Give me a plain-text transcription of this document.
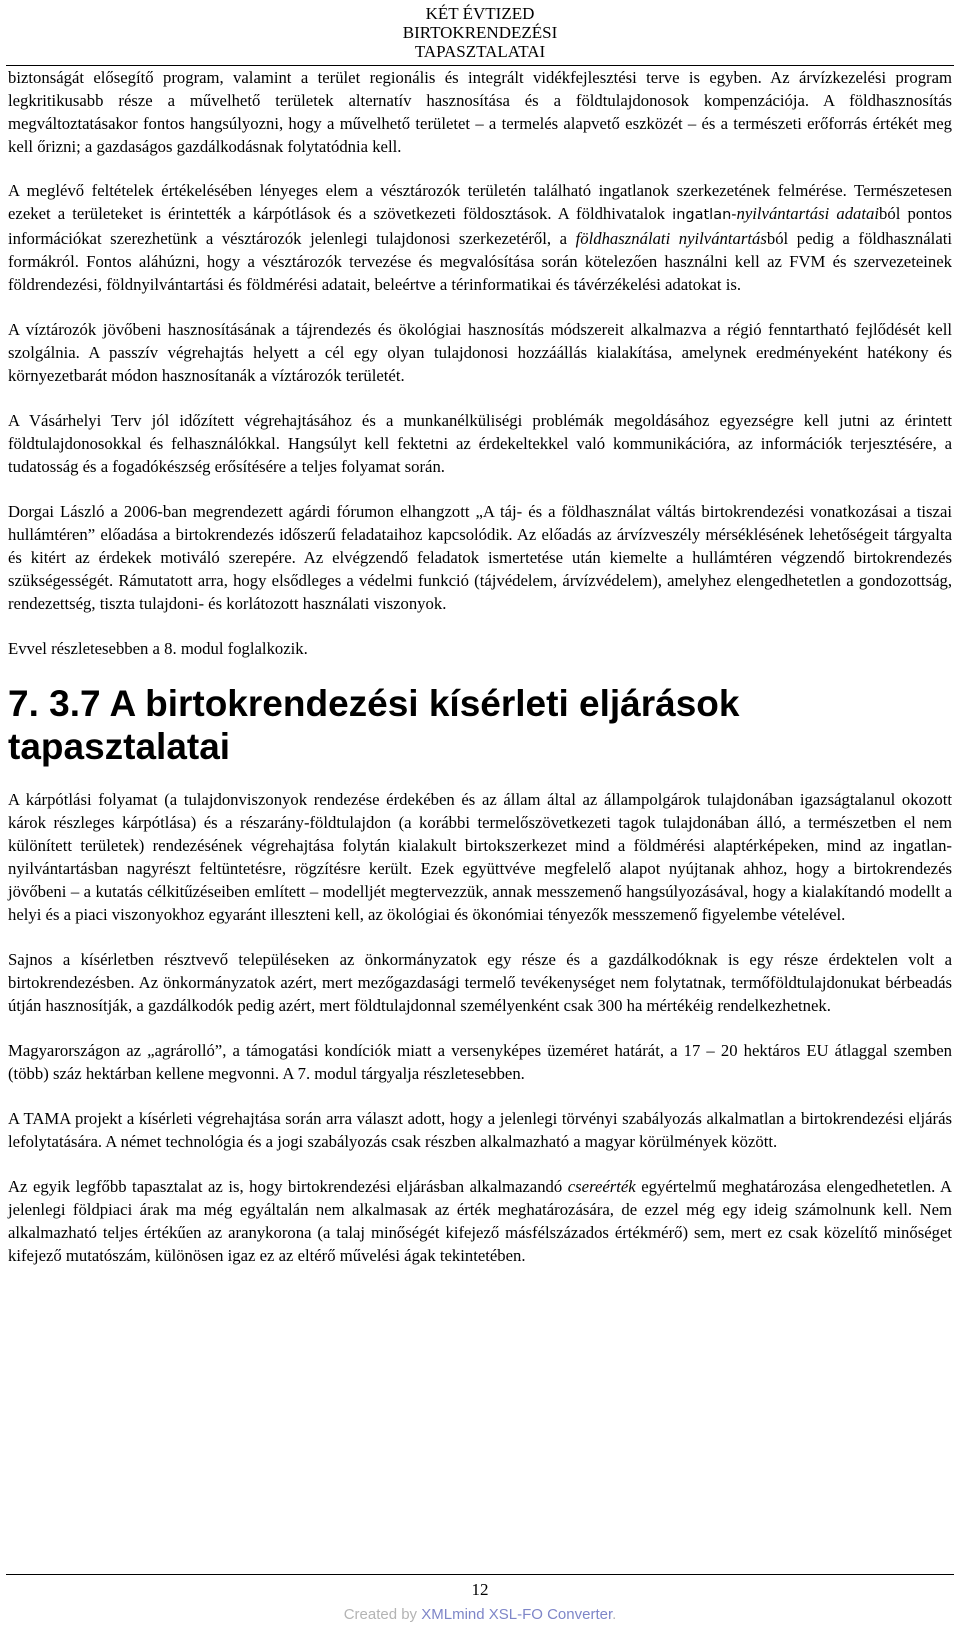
KÉT ÉVTIZED
BIRTOKRENDEZÉSI
TAPASZTALATAI

biztonságát elősegítő program, valamint a terület regionális és integrált vidékfejlesztési terve is egyben. Az árvízkezelési program legkritikusabb része a művelhető területek alternatív hasznosítása és a földtulajdonosok kompenzációja. A földhasznosítás megváltoztatásakor fontos hangsúlyozni, hogy a művelhető területet – a termelés alapvető eszközét – és a természeti erőforrás értékét meg kell őrizni; a gazdaságos gazdálkodásnak folytatódnia kell.

A meglévő feltételek értékelésében lényeges elem a vésztározók területén található ingatlanok szerkezetének felmérése. Természetesen ezeket a területeket is érintették a kárpótlások és a szövetkezeti földosztások. A földhivatalok ingatlan-nyilvántartási adataiból pontos információkat szerezhetünk a vésztározók jelenlegi tulajdonosi szerkezetéről, a földhasználati nyilvántartásból pedig a földhasználati formákról. Fontos aláhúzni, hogy a vésztározók tervezése és megvalósítása során kötelezően használni kell az FVM és szervezeteinek földrendezési, földnyilvántartási és földmérési adatait, beleértve a térinformatikai és távérzékelési adatokat is.

A víztározók jövőbeni hasznosításának a tájrendezés és ökológiai hasznosítás módszereit alkalmazva a régió fenntartható fejlődését kell szolgálnia. A passzív végrehajtás helyett a cél egy olyan tulajdonosi hozzáállás kialakítása, amelynek eredményeként hatékony és környezetbarát módon hasznosítanák a víztározók területét.

A Vásárhelyi Terv jól időzített végrehajtásához és a munkanélküliségi problémák megoldásához egyezségre kell jutni az érintett földtulajdonosokkal és felhasználókkal. Hangsúlyt kell fektetni az érdekeltekkel való kommunikációra, az információk terjesztésére, a tudatosság és a fogadókészség erősítésére a teljes folyamat során.

Dorgai László a 2006-ban megrendezett agárdi fórumon elhangzott „A táj- és a földhasználat váltás birtokrendezési vonatkozásai a tiszai hullámtéren” előadása a birtokrendezés időszerű feladataihoz kapcsolódik. Az előadás az árvízveszély mérséklésének lehetőségeit tárgyalta és kitért az érdekek motiváló szerepére. Az elvégzendő feladatok ismertetése után kiemelte a hullámtéren végzendő birtokrendezés szükségességét. Rámutatott arra, hogy elsődleges a védelmi funkció (tájvédelem, árvízvédelem), amelyhez elengedhetetlen a gondozottság, rendezettség, tiszta tulajdoni- és korlátozott használati viszonyok.

Evvel részletesebben a 8. modul foglalkozik.

7. 3.7 A birtokrendezési kísérleti eljárások tapasztalatai

A kárpótlási folyamat (a tulajdonviszonyok rendezése érdekében és az állam által az állampolgárok tulajdonában igazságtalanul okozott károk részleges kárpótlása) és a részarány-földtulajdon (a korábbi termelőszövetkezeti tagok tulajdonában álló, a természetben el nem különített területek) rendezésének végrehajtása folytán kialakult birtokszerkezet mind a földmérési alaptérképeken, mind az ingatlan-nyilvántartásban nagyrészt feltüntetésre, rögzítésre került. Ezek együttvéve megfelelő alapot nyújtanak ahhoz, hogy a birtokrendezés jövőbeni – a kutatás célkitűzéseiben említett – modelljét megtervezzük, annak messzemenő hangsúlyozásával, hogy a kialakítandó modellt a helyi és a piaci viszonyokhoz egyaránt illeszteni kell, az ökológiai és ökonómiai tényezők messzemenő figyelembe vételével.

Sajnos a kísérletben résztvevő településeken az önkormányzatok egy része és a gazdálkodóknak is egy része érdektelen volt a birtokrendezésben. Az önkormányzatok azért, mert mezőgazdasági termelő tevékenységet nem folytatnak, termőföldtulajdonukat bérbeadás útján hasznosítják, a gazdálkodók pedig azért, mert földtulajdonnal személyenként csak 300 ha mértékéig rendelkezhetnek.

Magyarországon az „agrárolló”, a támogatási kondíciók miatt a versenyképes üzeméret határát, a 17 – 20 hektáros EU átlaggal szemben (több) száz hektárban kellene megvonni. A 7. modul tárgyalja részletesebben.

A TAMA projekt a kísérleti végrehajtása során arra választ adott, hogy a jelenlegi törvényi szabályozás alkalmatlan a birtokrendezési eljárás lefolytatására. A német technológia és a jogi szabályozás csak részben alkalmazható a magyar körülmények között.

Az egyik legfőbb tapasztalat az is, hogy birtokrendezési eljárásban alkalmazandó csereérték egyértelmű meghatározása elengedhetetlen. A jelenlegi földpiaci árak ma még egyáltalán nem alkalmasak az érték meghatározására, de ezzel még egy ideig számolnunk kell. Nem alkalmazható teljes értékűen az aranykorona (a talaj minőségét kifejező másfélszázados értékmérő) sem, mert ez csak közelítő minőséget kifejező mutatószám, különösen igaz ez az eltérő művelési ágak tekintetében.

12
Created by XMLmind XSL-FO Converter.
